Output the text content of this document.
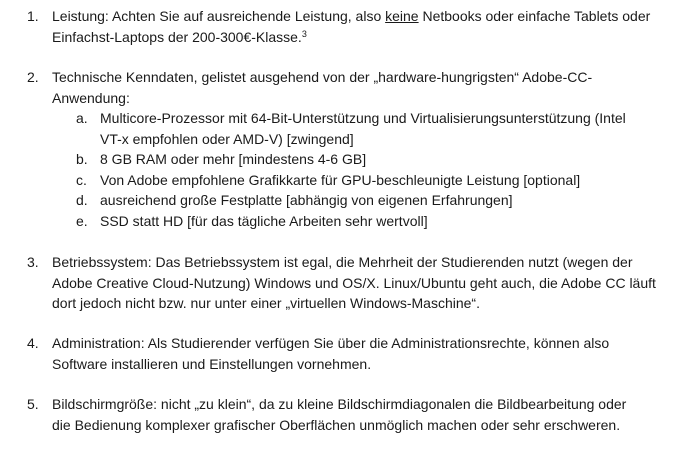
1. Leistung: Achten Sie auf ausreichende Leistung, also keine Netbooks oder einfache Tablets oder
Einfachst-Laptops der 200-300€-Klasse.$^3$
2. Technische Kenndaten, gelistet ausgehend von der „hardware-hungrigsten“ Adobe-CC-
Anwendung:
a. Multicore-Prozessor mit 64-Bit-Unterstützung und Virtualisierungsunterstützung (Intel
VT-x empfohlen oder AMD-V) [zwingend]
b. 8 GB RAM oder mehr [mindestens 4-6 GB]
c. Von Adobe empfohlene Grafikkarte für GPU-beschleunigte Leistung [optional]
d. ausreichend große Festplatte [abhängig von eigenen Erfahrungen]
e. SSD statt HD [für das tägliche Arbeiten sehr wertvoll]
3. Betriebssystem: Das Betriebssystem ist egal, die Mehrheit der Studierenden nutzt (wegen der
Adobe Creative Cloud-Nutzung) Windows und OS/X. Linux/Ubuntu geht auch, die Adobe CC läuft
dort jedoch nicht bzw. nur unter einer „virtuellen Windows-Maschine“.
4. Administration: Als Studierender verfügen Sie über die Administrationsrechte, können also
Software installieren und Einstellungen vornehmen.
5. Bildschirmgröße: nicht „zu klein“, da zu kleine Bildschirmdiagonalen die Bildbearbeitung oder
die Bedienung komplexer grafischer Oberflächen unmöglich machen oder sehr erschweren.
